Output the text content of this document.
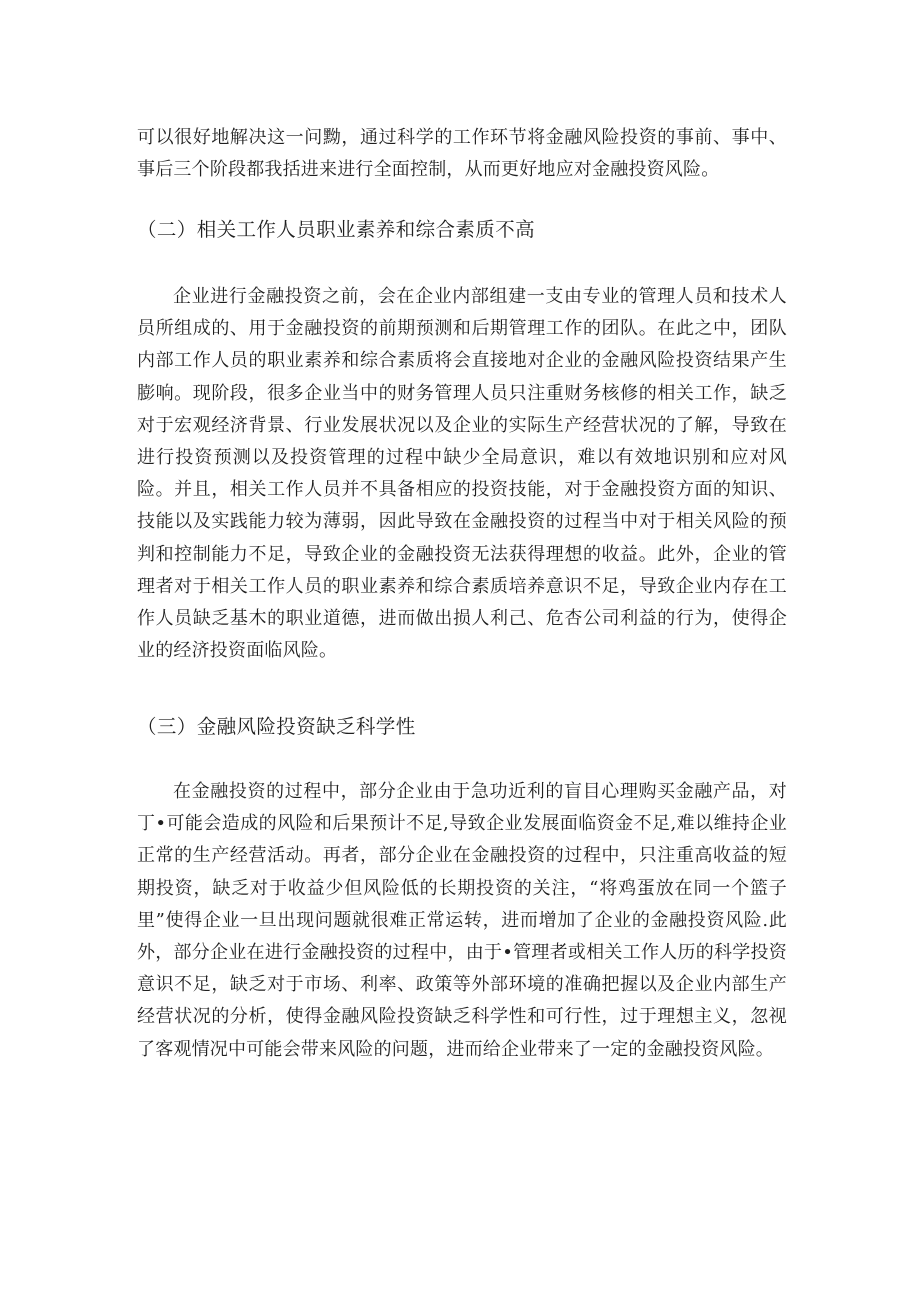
可以很好地解决这一问黝，通过科学的工作环节将金融风险投资的事前、事中、事后三个阶段都我括进来进行全面控制，从而更好地应对金融投资风险。

（二）相关工作人员职业素养和综合素质不高

企业进行金融投资之前，会在企业内部组建一支由专业的管理人员和技术人员所组成的、用于金融投资的前期预测和后期管理工作的团队。在此之中，团队内部工作人员的职业素养和综合素质将会直接地对企业的金融风险投资结果产生膨响。现阶段，很多企业当中的财务管理人员只注重财务核修的相关工作，缺乏对于宏观经济背景、行业发展状况以及企业的实际生产经营状况的了解，导致在进行投资预测以及投资管理的过程中缺少全局意识，难以有效地识别和应对风险。并且，相关工作人员并不具备相应的投资技能，对于金融投资方面的知识、技能以及实践能力较为薄弱，因此导致在金融投资的过程当中对于相关风险的预判和控制能力不足，导致企业的金融投资无法获得理想的收益。此外，企业的管理者对于相关工作人员的职业素养和综合素质培养意识不足，导致企业内存在工作人员缺乏基木的职业道德，进而做出损人利己、危杏公司利益的行为，使得企业的经济投资面临风险。

（三）金融风险投资缺乏科学性

在金融投资的过程中，部分企业由于急功近利的盲目心理购买金融产品，对丁•可能会造成的风险和后果预计不足,导致企业发展面临资金不足,难以维持企业正常的生产经营活动。再者，部分企业在金融投资的过程中，只注重高收益的短期投资，缺乏对于收益少但风险低的长期投资的关注，“将鸡蛋放在同一个篮子里”使得企业一旦出现问题就很难正常运转，进而增加了企业的金融投资风险.此外，部分企业在进行金融投资的过程中，由于•管理者或相关工作人历的科学投资意识不足，缺乏对于市场、利率、政策等外部环境的准确把握以及企业内部生产经营状况的分析，使得金融风险投资缺乏科学性和可行性，过于理想主义，忽视了客观情况中可能会带来风险的问题，进而给企业带来了一定的金融投资风险。
